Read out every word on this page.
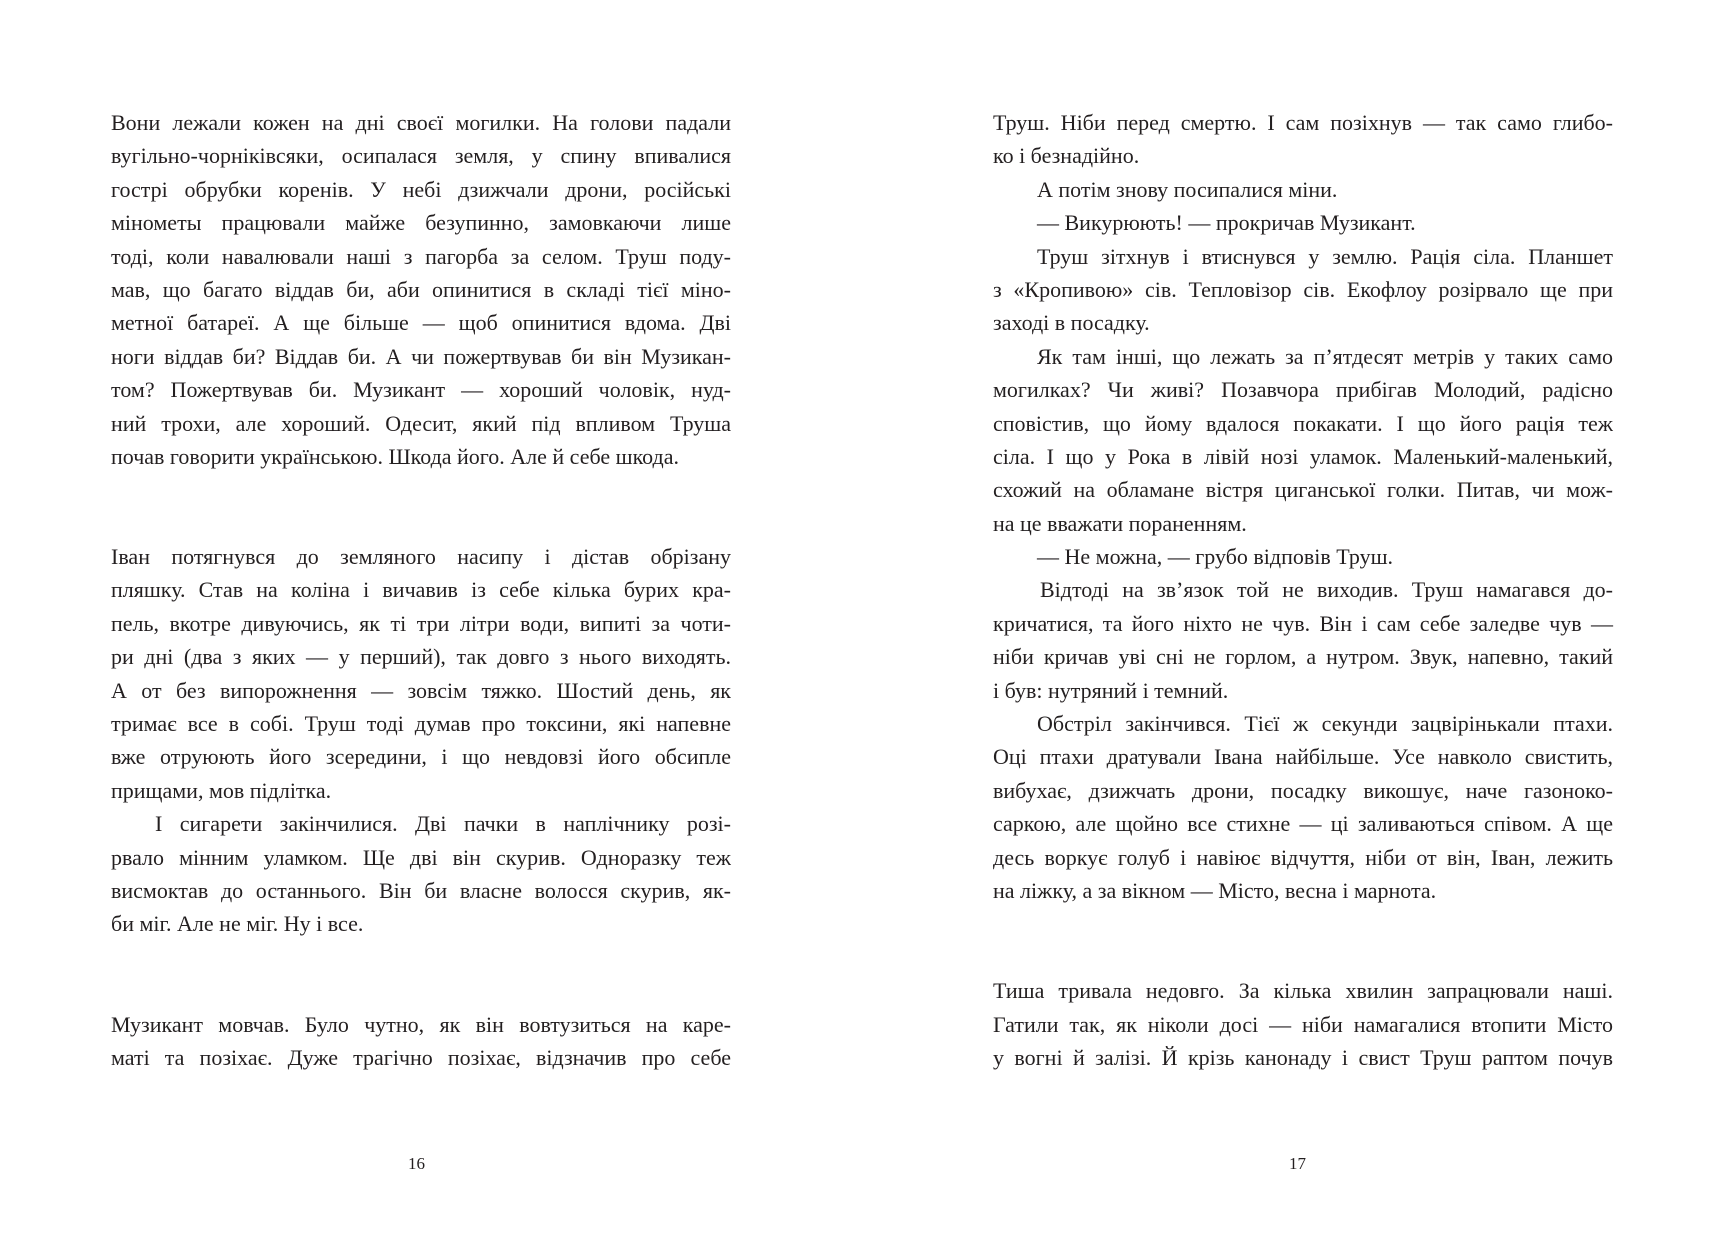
Вони лежали кожен на дні своєї могилки. На голови падали
вугільно-чорніківсяки, осипалася земля, у спину впивалися
гострі обрубки коренів. У небі дзижчали дрони, російські
мінометы працювали майже безупинно, замовкаючи лише
тоді, коли навалювали наші з пагорба за селом. Труш поду-
мав, що багато віддав би, аби опинитися в складі тієї міно-
метної батареї. А ще більше — щоб опинитися вдома. Дві
ноги віддав би? Віддав би. А чи пожертвував би він Музикан-
том? Пожертвував би. Музикант — хороший чоловік, нуд-
ний трохи, але хороший. Одесит, який під впливом Труша
почав говорити українською. Шкода його. Але й себе шкода.
Іван потягнувся до земляного насипу і дістав обрізану
пляшку. Став на коліна і вичавив із себе кілька бурих кра-
пель, вкотре дивуючись, як ті три літри води, випиті за чоти-
ри дні (два з яких — у перший), так довго з нього виходять.
А от без випорожнення — зовсім тяжко. Шостий день, як
тримає все в собі. Труш тоді думав про токсини, які напевне
вже отруюють його зсередини, і що невдовзі його обсипле
прищами, мов підлітка.
І сигарети закінчилися. Дві пачки в наплічнику розі-
рвало мінним уламком. Ще дві він скурив. Одноразку теж
висмоктав до останнього. Він би власне волосся скурив, як-
би міг. Але не міг. Ну і все.
Музикант мовчав. Було чутно, як він вовтузиться на каре-
маті та позіхає. Дуже трагічно позіхає, відзначив про себе
Труш. Ніби перед смертю. І сам позіхнув — так само глибо-
ко і безнадійно.
А потім знову посипалися міни.
— Викурюють! — прокричав Музикант.
Труш зітхнув і втиснувся у землю. Рація сіла. Планшет
з «Кропивою» сів. Тепловізор сів. Екофлоу розірвало ще при
заході в посадку.
Як там інші, що лежать за п’ятдесят метрів у таких само
могилках? Чи живі? Позавчора прибігав Молодий, радісно
сповістив, що йому вдалося покакати. І що його рація теж
сіла. І що у Рока в лівій нозі уламок. Маленький-маленький,
схожий на обламане вістря циганської голки. Питав, чи мож-
на це вважати пораненням.
— Не можна, — грубо відповів Труш.
Відтоді на зв’язок той не виходив. Труш намагався до-
кричатися, та його ніхто не чув. Він і сам себе заледве чув —
ніби кричав уві сні не горлом, а нутром. Звук, напевно, такий
і був: нутряний і темний.
Обстріл закінчився. Тієї ж секунди зацвірінькали птахи.
Оці птахи дратували Івана найбільше. Усе навколо свистить,
вибухає, дзижчать дрони, посадку викошує, наче газоноко-
саркою, але щойно все стихне — ці заливаються співом. А ще
десь воркує голуб і навіює відчуття, ніби от він, Іван, лежить
на ліжку, а за вікном — Місто, весна і марнота.
Тиша тривала недовго. За кілька хвилин запрацювали наші.
Гатили так, як ніколи досі — ніби намагалися втопити Місто
у вогні й залізі. Й крізь канонаду і свист Труш раптом почув
16	17
